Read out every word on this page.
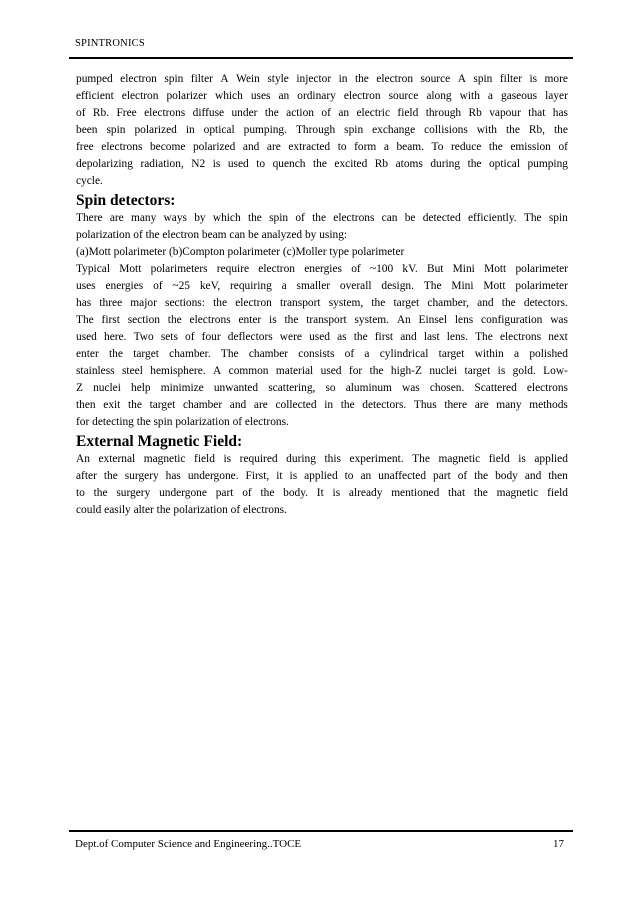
SPINTRONICS
pumped electron spin filter A Wein style injector in the electron source A spin filter is more
efficient electron polarizer which uses an ordinary electron source along with a gaseous layer
of Rb. Free electrons diffuse under the action of an electric field through Rb vapour that has
been spin polarized in optical pumping. Through spin exchange collisions with the Rb, the
free electrons become polarized and are extracted to form a beam. To reduce the emission of
depolarizing radiation, N2 is used to quench the excited Rb atoms during the optical pumping
cycle.
Spin detectors:
There are many ways by which the spin of the electrons can be detected efficiently. The spin
polarization of the electron beam can be analyzed by using:
(a)Mott polarimeter (b)Compton polarimeter (c)Moller type polarimeter
Typical Mott polarimeters require electron energies of ~100 kV. But Mini Mott polarimeter
uses energies of ~25 keV, requiring a smaller overall design. The Mini Mott polarimeter
has three major sections: the electron transport system, the target chamber, and the detectors.
The first section the electrons enter is the transport system. An Einsel lens configuration was
used here. Two sets of four deflectors were used as the first and last lens. The electrons next
enter the target chamber. The chamber consists of a cylindrical target within a polished
stainless steel hemisphere. A common material used for the high-Z nuclei target is gold. Low-
Z nuclei help minimize unwanted scattering, so aluminum was chosen. Scattered electrons
then exit the target chamber and are collected in the detectors. Thus there are many methods
for detecting the spin polarization of electrons.
External Magnetic Field:
An external magnetic field is required during this experiment. The magnetic field is applied
after the surgery has undergone. First, it is applied to an unaffected part of the body and then
to the surgery undergone part of the body. It is already mentioned that the magnetic field
could easily alter the polarization of electrons.
Dept.of Computer Science and Engineering..TOCE	17
